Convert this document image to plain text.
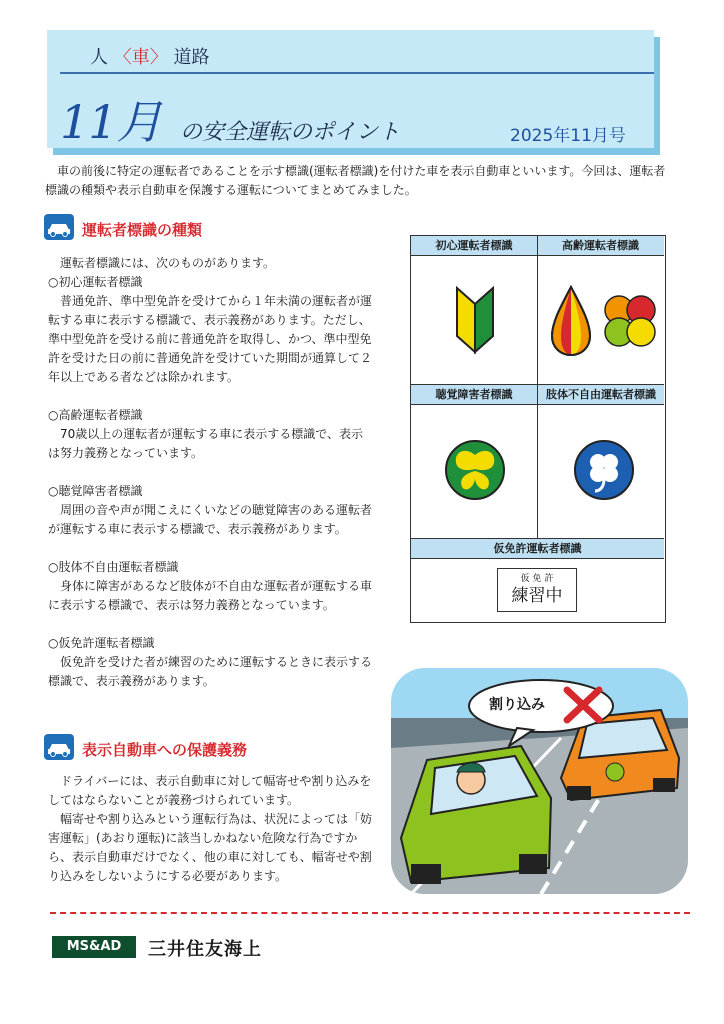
人 〈車〉 道路
11月 の安全運転のポイント	2025年11月号

車の前後に特定の運転者であることを示す標識(運転者標識)を付けた車を表示自動車といいます。今回は、運転者標識の種類や表示自動車を保護する運転についてまとめてみました。

運転者標識の種類

運転者標識には、次のものがあります。

○初心運転者標識

普通免許、準中型免許を受けてから１年未満の運転者が運転する車に表示する標識で、表示義務があります。ただし、準中型免許を受ける前に普通免許を取得し、かつ、準中型免許を受けた日の前に普通免許を受けていた期間が通算して２年以上である者などは除かれます。

○高齢運転者標識

70歳以上の運転者が運転する車に表示する標識で、表示は努力義務となっています。

○聴覚障害者標識

周囲の音や声が聞こえにくいなどの聴覚障害のある運転者が運転する車に表示する標識で、表示義務があります。

○肢体不自由運転者標識

身体に障害があるなど肢体が不自由な運転者が運転する車に表示する標識で、表示は努力義務となっています。

○仮免許運転者標識

仮免許を受けた者が練習のために運転するときに表示する標識で、表示義務があります。

初心運転者標識	高齢運転者標識
聴覚障害者標識	肢体不自由運転者標識
仮免許運転者標識
仮 免 許
練習中
割り込み
表示自動車への保護義務

ドライバーには、表示自動車に対して幅寄せや割り込みをしてはならないことが義務づけられています。

幅寄せや割り込みという運転行為は、状況によっては「妨害運転」(あおり運転)に該当しかねない危険な行為ですから、表示自動車だけでなく、他の車に対しても、幅寄せや割り込みをしないようにする必要があります。

MS&AD	三井住友海上
